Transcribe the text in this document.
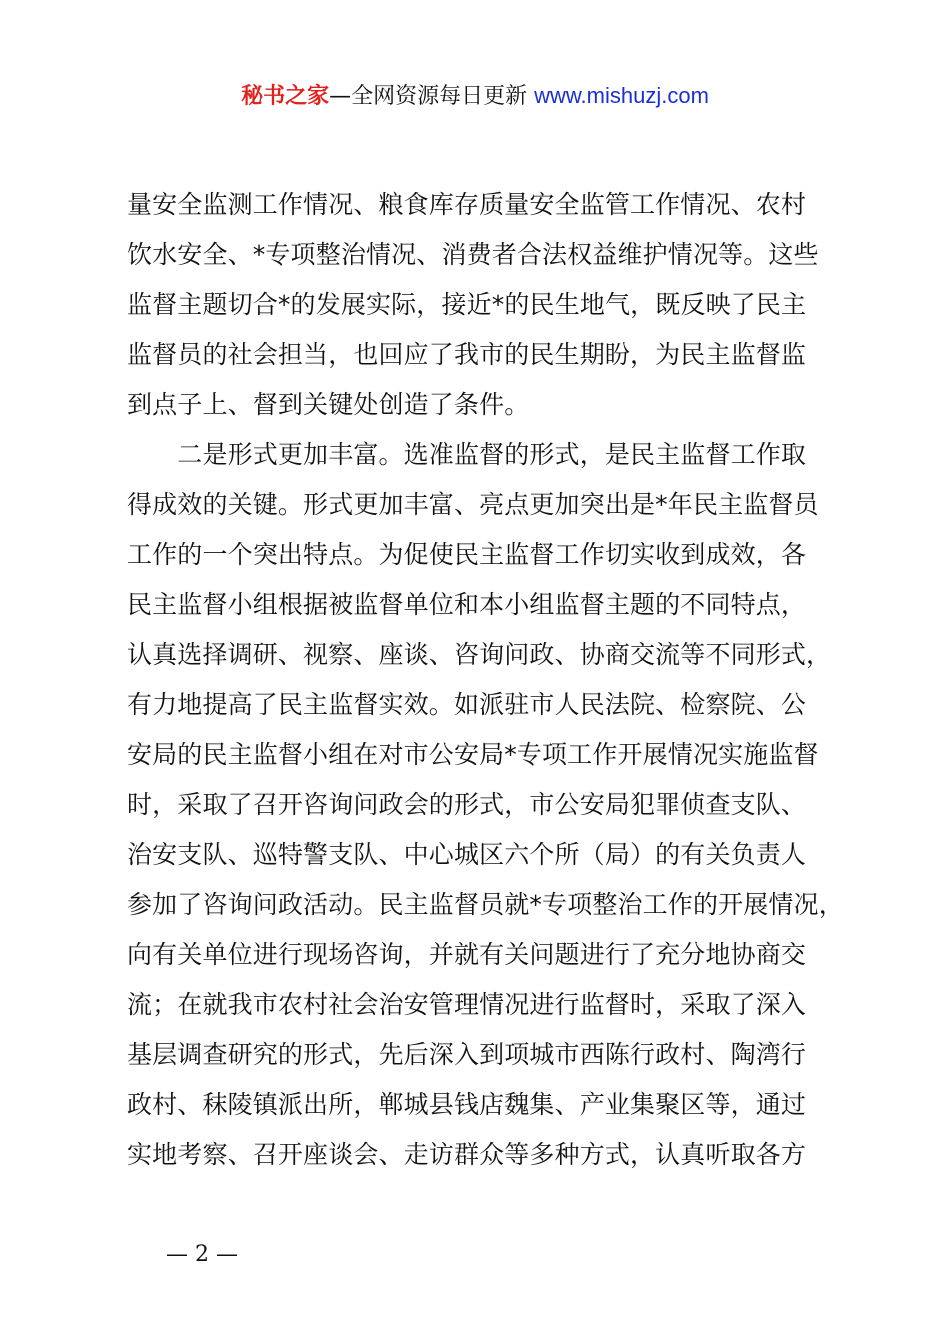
秘书之家—全网资源每日更新 www.mishuzj.com
量安全监测工作情况、粮食库存质量安全监管工作情况、农村
饮水安全、*专项整治情况、消费者合法权益维护情况等。这些
监督主题切合*的发展实际，接近*的民生地气，既反映了民主
监督员的社会担当，也回应了我市的民生期盼，为民主监督监
到点子上、督到关键处创造了条件。
　　二是形式更加丰富。选准监督的形式，是民主监督工作取
得成效的关键。形式更加丰富、亮点更加突出是*年民主监督员
工作的一个突出特点。为促使民主监督工作切实收到成效，各
民主监督小组根据被监督单位和本小组监督主题的不同特点，
认真选择调研、视察、座谈、咨询问政、协商交流等不同形式，
有力地提高了民主监督实效。如派驻市人民法院、检察院、公
安局的民主监督小组在对市公安局*专项工作开展情况实施监督
时，采取了召开咨询问政会的形式，市公安局犯罪侦查支队、
治安支队、巡特警支队、中心城区六个所（局）的有关负责人
参加了咨询问政活动。民主监督员就*专项整治工作的开展情况，
向有关单位进行现场咨询，并就有关问题进行了充分地协商交
流；在就我市农村社会治安管理情况进行监督时，采取了深入
基层调查研究的形式，先后深入到项城市西陈行政村、陶湾行
政村、秣陵镇派出所，郸城县钱店魏集、产业集聚区等，通过
实地考察、召开座谈会、走访群众等多种方式，认真听取各方
— 2 —
